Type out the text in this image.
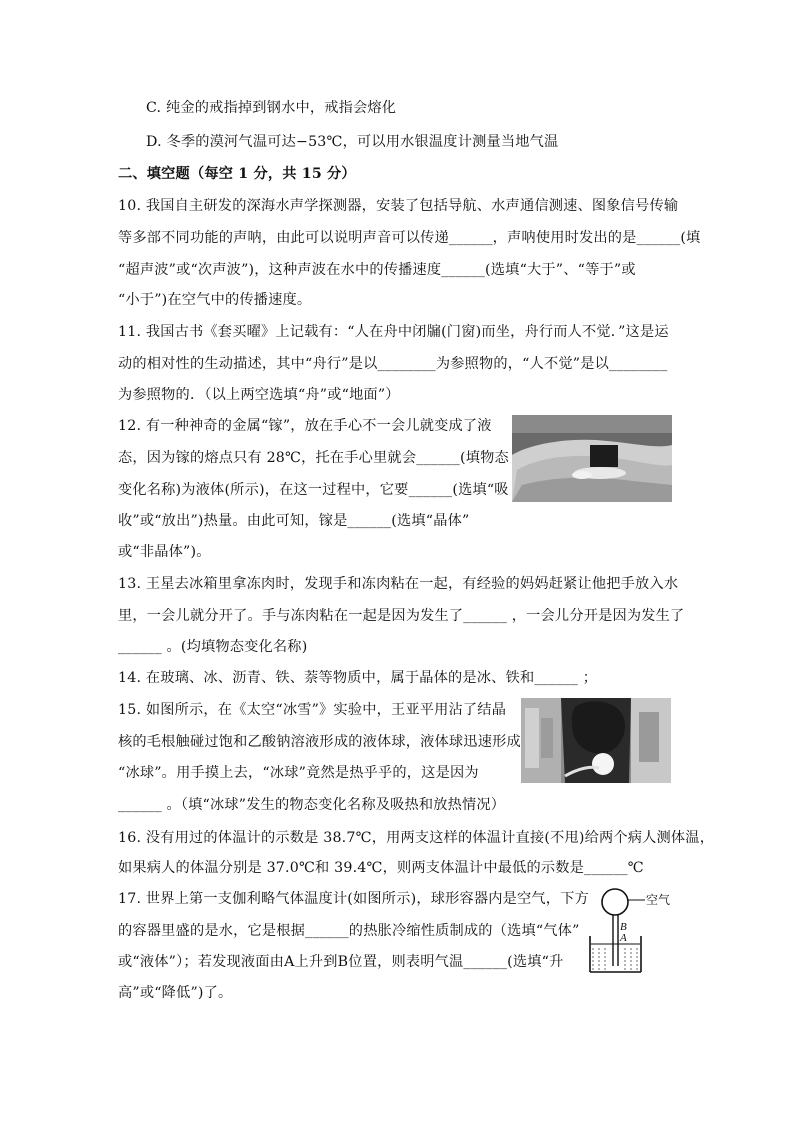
C. 纯金的戒指掉到钢水中，戒指会熔化
D. 冬季的漠河气温可达−53℃，可以用水银温度计测量当地气温
二、填空题（每空 1 分，共 15 分）
10. 我国自主研发的深海水声学探测器，安装了包括导航、水声通信测速、图象信号传输
等多部不同功能的声呐，由此可以说明声音可以传递______，声呐使用时发出的是______(填
“超声波”或“次声波”)，这种声波在水中的传播速度______(选填“大于”、“等于”或
“小于”)在空气中的传播速度。
11. 我国古书《套买曜》上记载有：“人在舟中闭牖(门窗)而坐，舟行而人不觉．”这是运
动的相对性的生动描述，其中“舟行”是以________为参照物的，“人不觉”是以________
为参照物的．（以上两空选填“舟”或“地面”）
12. 有一种神奇的金属“镓”，放在手心不一会儿就变成了液
态，因为镓的熔点只有 28℃，托在手心里就会______(填物态
变化名称)为液体(所示)，在这一过程中，它要______(选填“吸
收”或“放出”)热量。由此可知，镓是______(选填“晶体”
或“非晶体”)。
13. 王星去冰箱里拿冻肉时，发现手和冻肉粘在一起，有经验的妈妈赶紧让他把手放入水
里，一会儿就分开了。手与冻肉粘在一起是因为发生了______ ，一会儿分开是因为发生了
______ 。(均填物态变化名称)
14. 在玻璃、冰、沥青、铁、萘等物质中，属于晶体的是冰、铁和______ ；
15. 如图所示，在《太空“冰雪”》实验中，王亚平用沾了结晶
核的毛根触碰过饱和乙酸钠溶液形成的液体球，液体球迅速形成
“冰球”。用手摸上去，“冰球”竟然是热乎乎的，这是因为
______ 。（填“冰球”发生的物态变化名称及吸热和放热情况）
16. 没有用过的体温计的示数是 38.7℃，用两支这样的体温计直接(不甩)给两个病人测体温，
如果病人的体温分别是 37.0℃和 39.4℃，则两支体温计中最低的示数是______℃
17. 世界上第一支伽利略气体温度计(如图所示)，球形容器内是空气，下方
的容器里盛的是水，它是根据______的热胀冷缩性质制成的（选填“气体”
或“液体”）；若发现液面由A上升到B位置，则表明气温______(选填“升
高”或“降低”)了。
空气
B
A
